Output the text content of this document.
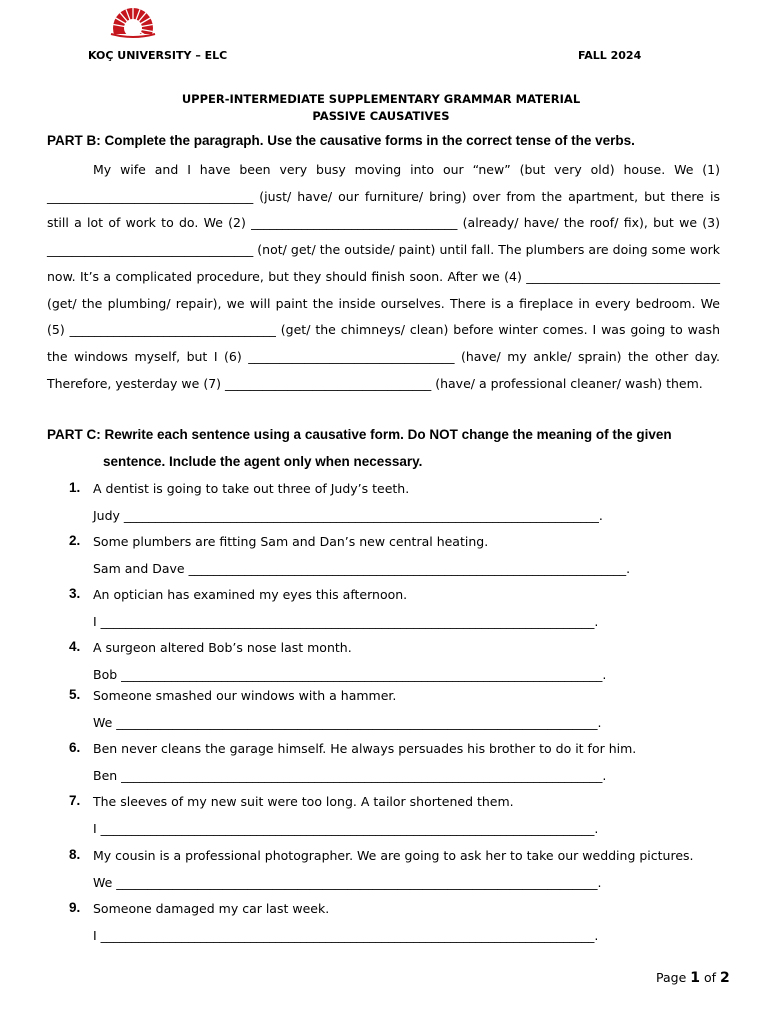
KOÇ UNIVERSITY – ELC	FALL 2024
UPPER-INTERMEDIATE SUPPLEMENTARY GRAMMAR MATERIAL
PASSIVE CAUSATIVES
PART B: Complete the paragraph. Use the causative forms in the correct tense of the verbs.
My wife and I have been very busy moving into our “new” (but very old) house. We (1) _________________________________ (just/ have/ our furniture/ bring) over from the apartment, but there is still a lot of work to do. We (2) _________________________________ (already/ have/ the roof/ fix), but we (3) _________________________________ (not/ get/ the outside/ paint) until fall. The plumbers are doing some work now. It’s a complicated procedure, but they should finish soon. After we (4) _______________________________ (get/ the plumbing/ repair), we will paint the inside ourselves. There is a fireplace in every bedroom. We (5) _________________________________ (get/ the chimneys/ clean) before winter comes. I was going to wash the windows myself, but I (6) _________________________________ (have/ my ankle/ sprain) the other day. Therefore, yesterday we (7) _________________________________ (have/ a professional cleaner/ wash) them.
PART C: Rewrite each sentence using a causative form. Do NOT change the meaning of the given
sentence. Include the agent only when necessary.
1. A dentist is going to take out three of Judy’s teeth.
Judy ____________________________________________________________________________.
2. Some plumbers are fitting Sam and Dan’s new central heating.
Sam and Dave ______________________________________________________________________.
3. An optician has examined my eyes this afternoon.
I _______________________________________________________________________________.
4. A surgeon altered Bob’s nose last month.
Bob _____________________________________________________________________________.
5. Someone smashed our windows with a hammer.
We _____________________________________________________________________________.
6. Ben never cleans the garage himself. He always persuades his brother to do it for him.
Ben _____________________________________________________________________________.
7. The sleeves of my new suit were too long. A tailor shortened them.
I _______________________________________________________________________________.
8. My cousin is a professional photographer. We are going to ask her to take our wedding pictures.
We _____________________________________________________________________________.
9. Someone damaged my car last week.
I _______________________________________________________________________________.
Page 1 of 2
